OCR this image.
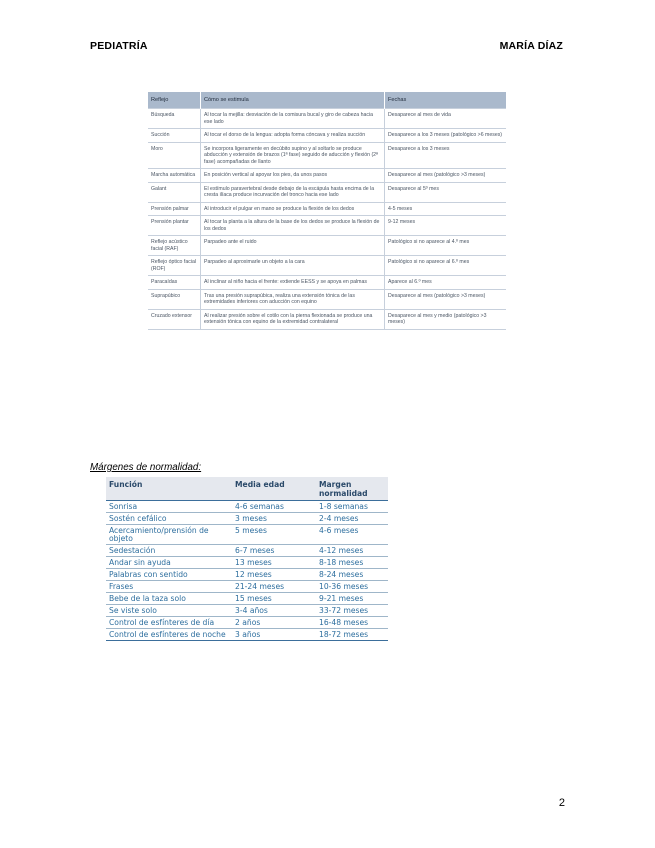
PEDIATRÍA	MARÍA DÍAZ
Reflejo	Cómo se estimula	Fechas
Búsqueda	Al tocar la mejilla: desviación de la comisura bucal y giro de cabeza hacia ese lado	Desaparece al mes de vida
Succión	Al tocar el dorso de la lengua: adopta forma cóncava y realiza succión	Desaparece a los 3 meses (patológico >6 meses)
Moro	Se incorpora ligeramente en decúbito supino y al soltarlo se produce abducción y extensión de brazos (1ª fase) seguido de aducción y flexión (2ª fase) acompañadas de llanto	Desaparece a los 3 meses
Marcha automática	En posición vertical al apoyar los pies, da unos pasos	Desaparece al mes (patológico >3 meses)
Galant	El estímulo paravertebral desde debajo de la escápula hasta encima de la cresta ilíaca produce incurvación del tronco hacia ese lado	Desaparece al 5º mes
Prensión palmar	Al introducir el pulgar en mano se produce la flexión de los dedos	4-5 meses
Prensión plantar	Al tocar la planta a la altura de la base de los dedos se produce la flexión de los dedos	9-12 meses
Reflejo acústico facial (RAF)	Parpadeo ante el ruido	Patológico si no aparece al 4.º mes
Reflejo óptico facial (ROF)	Parpadeo al aproximarle un objeto a la cara	Patológico si no aparece al 6.º mes
Paracaídas	Al inclinar al niño hacia el frente: extiende EESS y se apoya en palmas	Aparece al 6.º mes
Suprapúbico	Tras una presión suprapúbica, realiza una extensión tónica de las extremidades inferiores con aducción con equino	Desaparece al mes (patológico >3 meses)
Cruzado extensor	Al realizar presión sobre el cotilo con la pierna flexionada se produce una extensión tónica con equino de la extremidad contralateral	Desaparece al mes y medio (patológico >3 meses)
Márgenes de normalidad:
Función	Media edad	Margen normalidad
Sonrisa	4-6 semanas	1-8 semanas
Sostén cefálico	3 meses	2-4 meses
Acercamiento/prensión de objeto	5 meses	4-6 meses
Sedestación	6-7 meses	4-12 meses
Andar sin ayuda	13 meses	8-18 meses
Palabras con sentido	12 meses	8-24 meses
Frases	21-24 meses	10-36 meses
Bebe de la taza solo	15 meses	9-21 meses
Se viste solo	3-4 años	33-72 meses
Control de esfínteres de día	2 años	16-48 meses
Control de esfínteres de noche	3 años	18-72 meses
2
